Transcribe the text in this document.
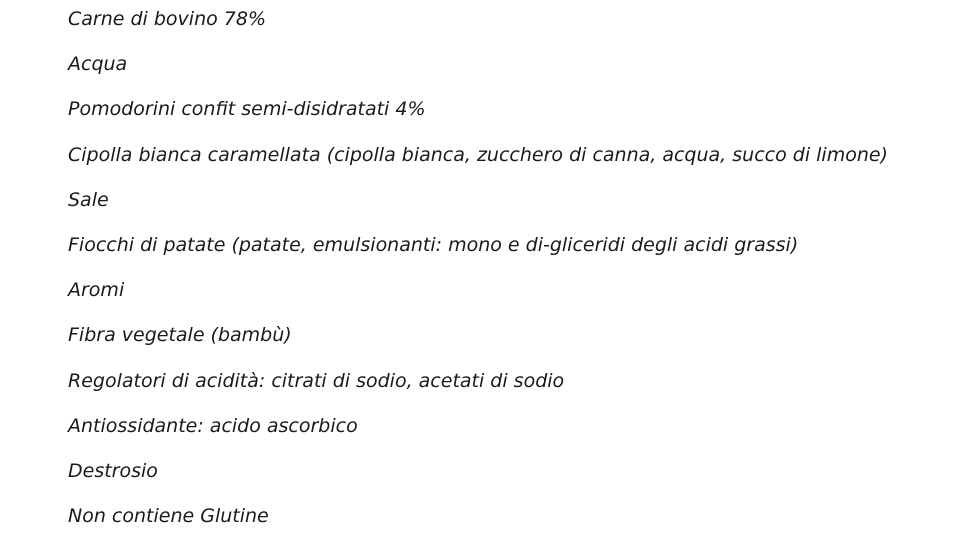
Carne di bovino 78%
Acqua
Pomodorini confit semi-disidratati 4%
Cipolla bianca caramellata (cipolla bianca, zucchero di canna, acqua, succo di limone)
Sale
Fiocchi di patate (patate, emulsionanti: mono e di-gliceridi degli acidi grassi)
Aromi
Fibra vegetale (bambù)
Regolatori di acidità: citrati di sodio, acetati di sodio
Antiossidante: acido ascorbico
Destrosio
Non contiene Glutine
